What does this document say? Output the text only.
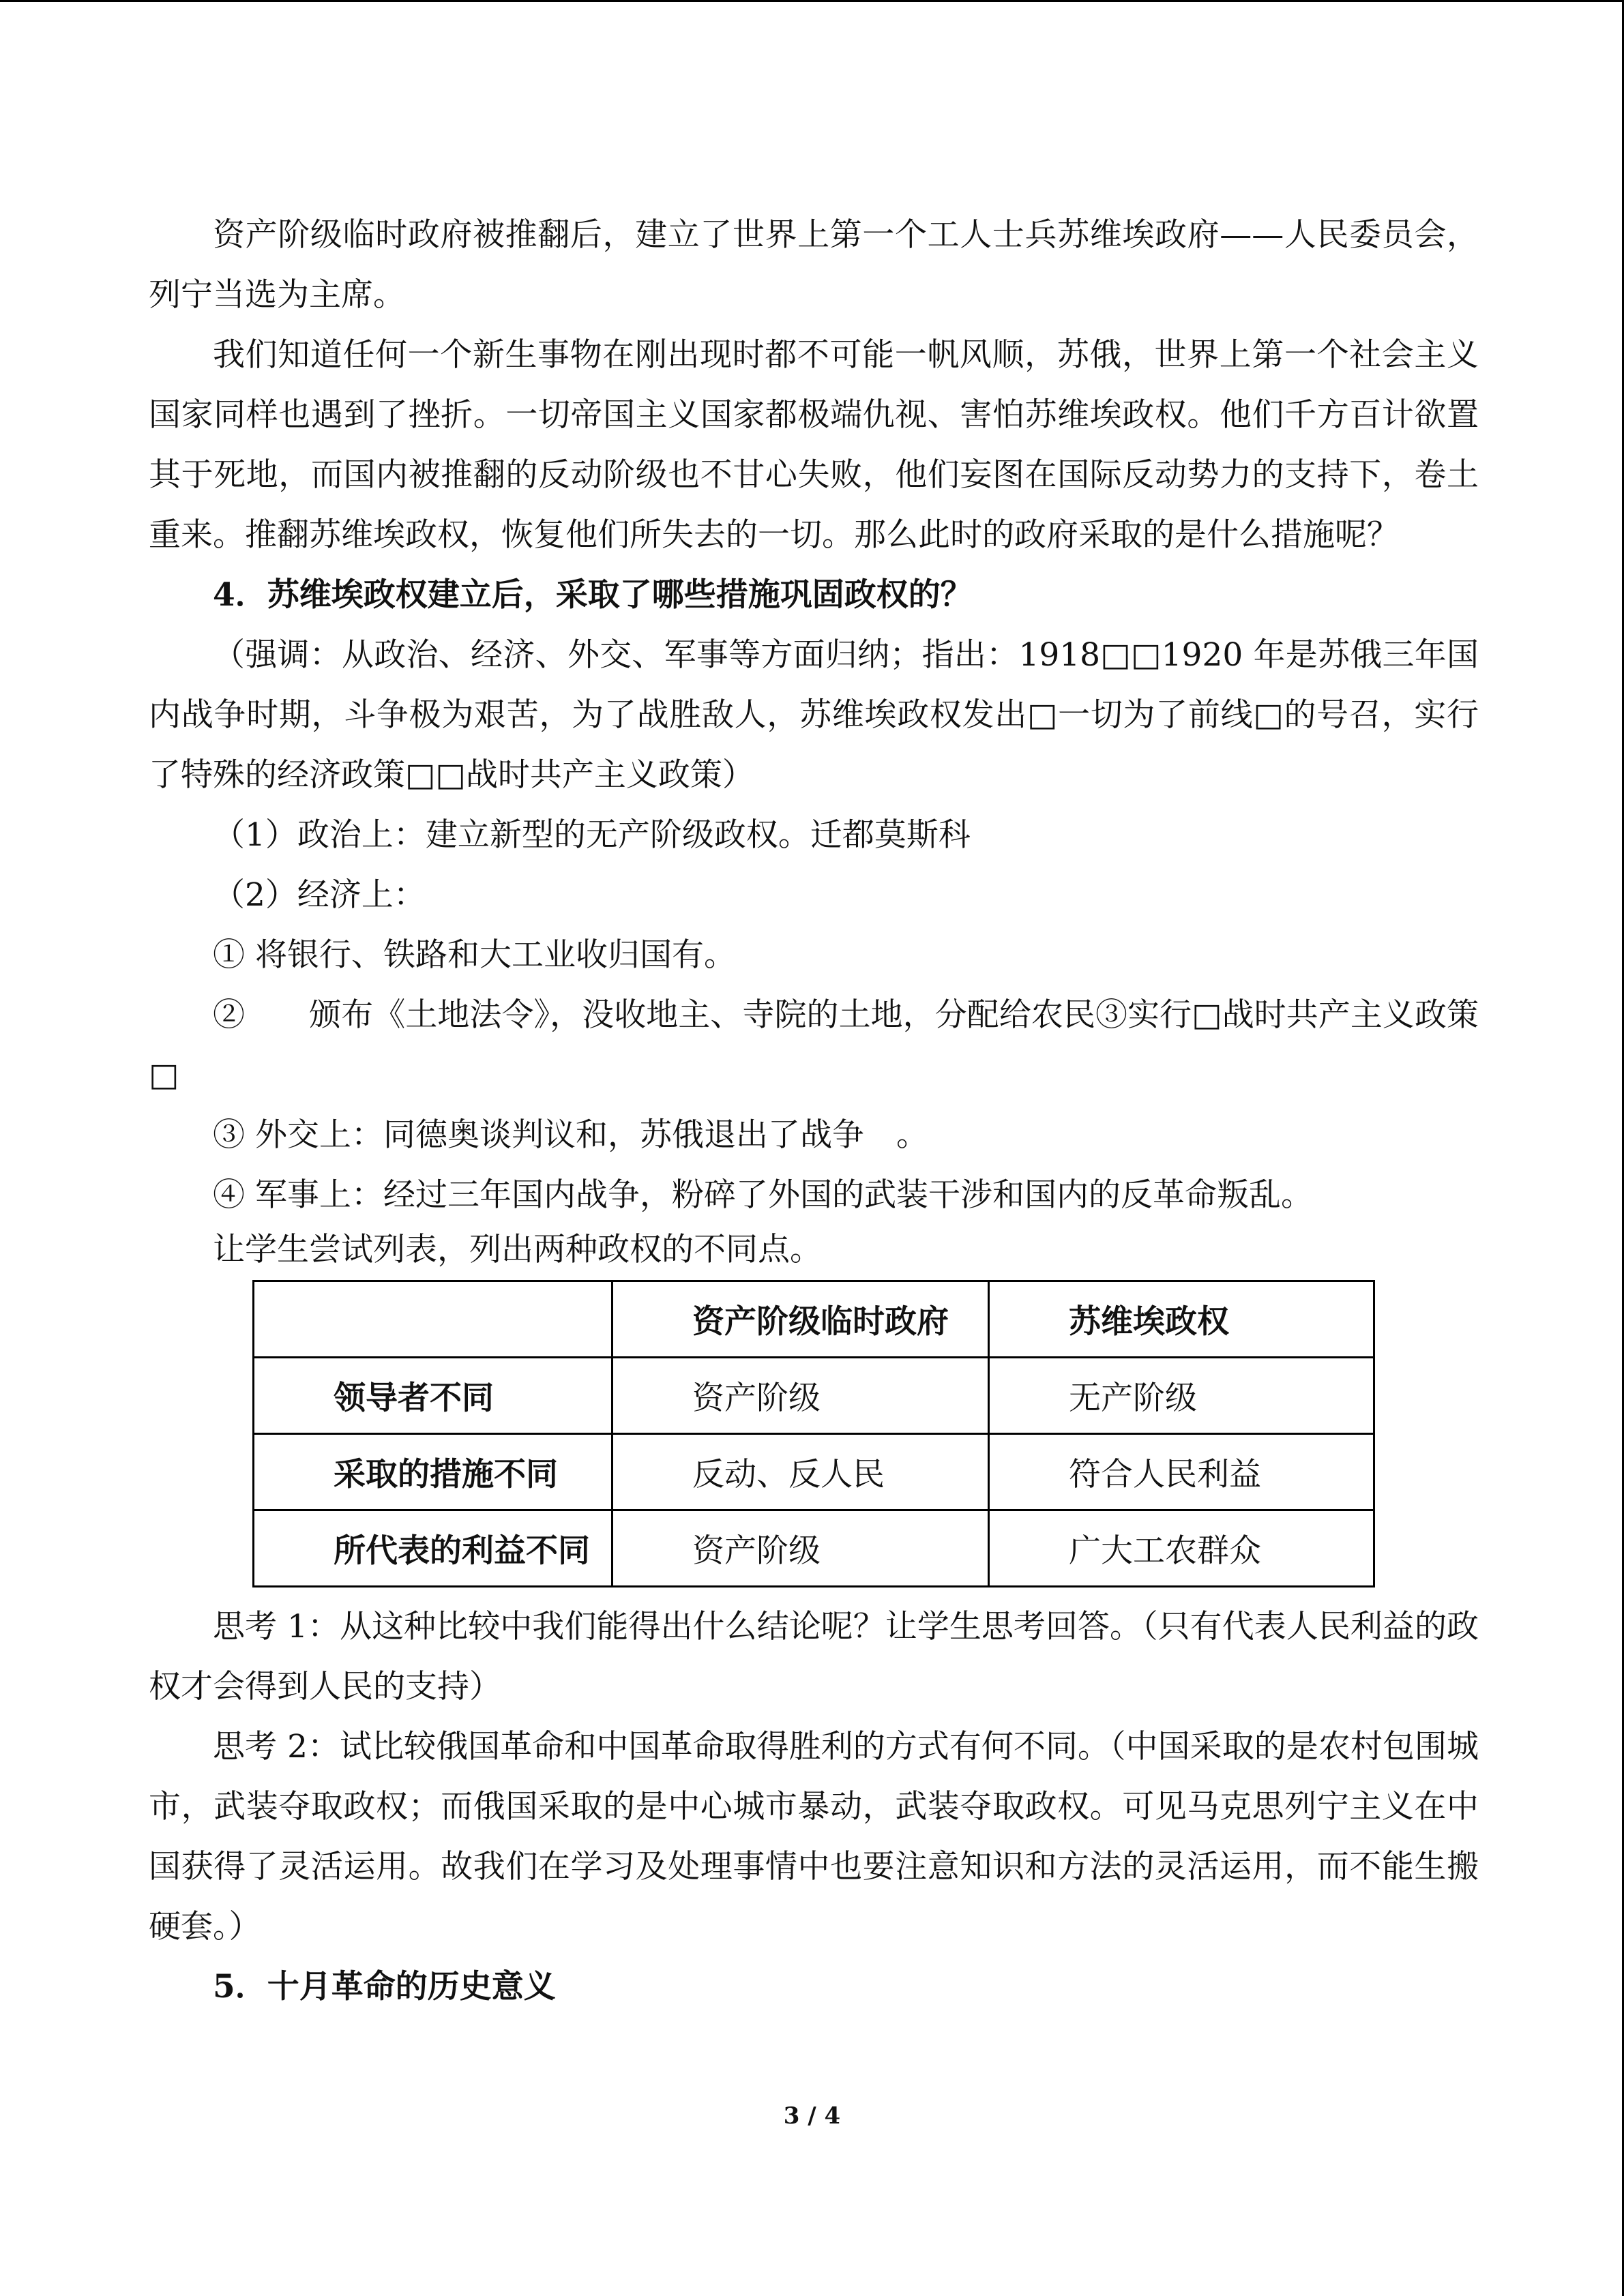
资产阶级临时政府被推翻后，建立了世界上第一个工人士兵苏维埃政府——人民委员会，列宁当选为主席。

我们知道任何一个新生事物在刚出现时都不可能一帆风顺，苏俄，世界上第一个社会主义国家同样也遇到了挫折。一切帝国主义国家都极端仇视、害怕苏维埃政权。他们千方百计欲置其于死地，而国内被推翻的反动阶级也不甘心失败，他们妄图在国际反动势力的支持下，卷土重来。推翻苏维埃政权，恢复他们所失去的一切。那么此时的政府采取的是什么措施呢？

4．苏维埃政权建立后，采取了哪些措施巩固政权的？

（强调：从政治、经济、外交、军事等方面归纳；指出：1918□□1920 年是苏俄三年国内战争时期，斗争极为艰苦，为了战胜敌人，苏维埃政权发出□一切为了前线□的号召，实行了特殊的经济政策□□战时共产主义政策）

（1）政治上：建立新型的无产阶级政权。迁都莫斯科

（2）经济上：

① 将银行、铁路和大工业收归国有。

②　　颁布《土地法令》，没收地主、寺院的土地，分配给农民③实行□战时共产主义政策□

③ 外交上：同德奥谈判议和，苏俄退出了战争　。

④ 军事上：经过三年国内战争，粉碎了外国的武装干涉和国内的反革命叛乱。

让学生尝试列表，列出两种政权的不同点。

	资产阶级临时政府	苏维埃政权
领导者不同	资产阶级	无产阶级
采取的措施不同	反动、反人民	符合人民利益
所代表的利益不同	资产阶级	广大工农群众

思考 1：从这种比较中我们能得出什么结论呢？让学生思考回答。（只有代表人民利益的政权才会得到人民的支持）

思考 2：试比较俄国革命和中国革命取得胜利的方式有何不同。（中国采取的是农村包围城市，武装夺取政权；而俄国采取的是中心城市暴动，武装夺取政权。可见马克思列宁主义在中国获得了灵活运用。故我们在学习及处理事情中也要注意知识和方法的灵活运用，而不能生搬硬套。）

5．十月革命的历史意义

3 / 4
